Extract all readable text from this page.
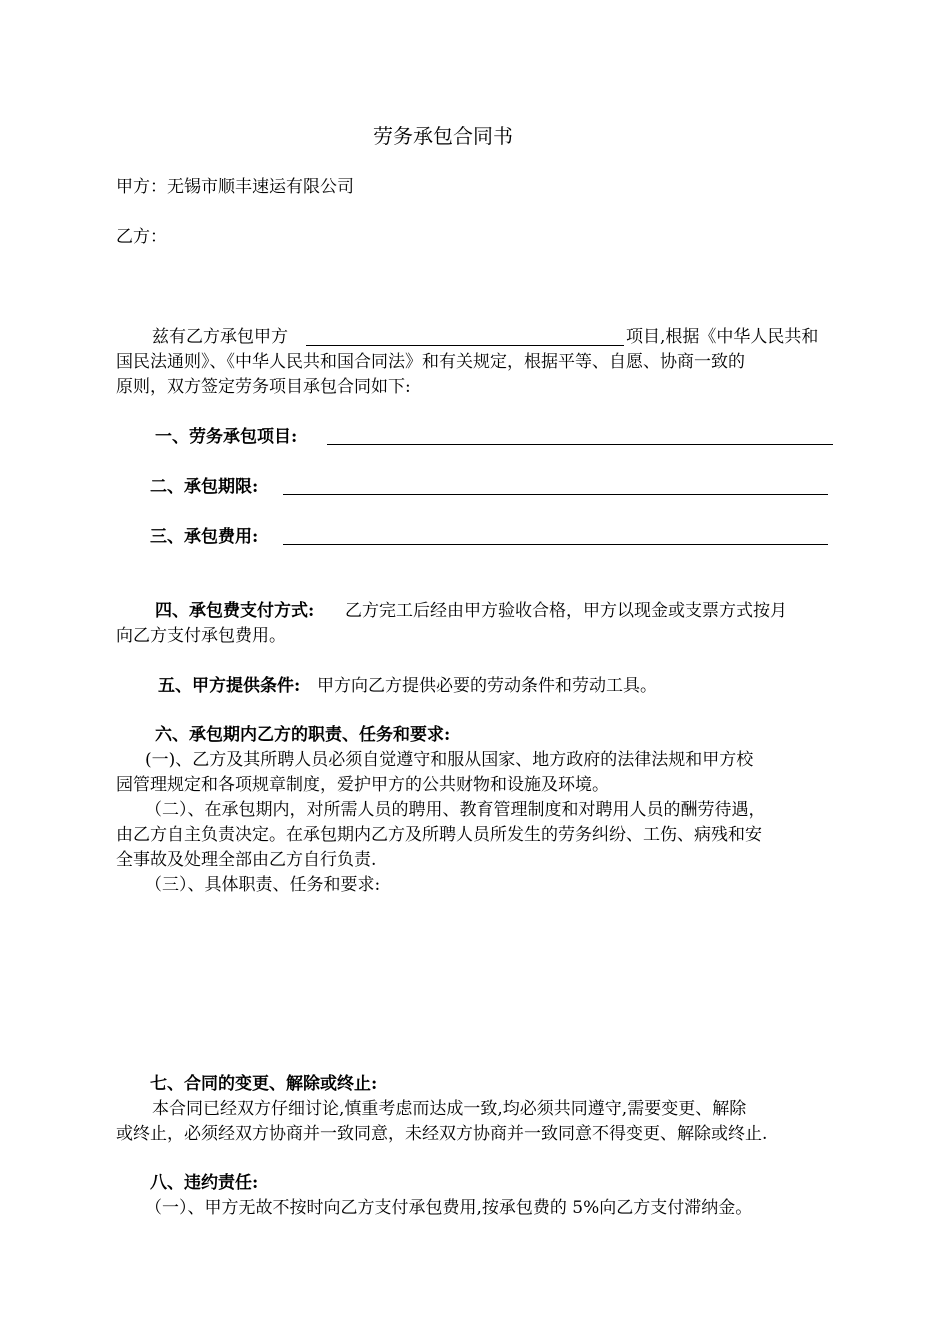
劳务承包合同书
甲方：无锡市顺丰速运有限公司
乙方：
兹有乙方承包甲方	项目,根据《中华人民共和
国民法通则》、《中华人民共和国合同法》和有关规定，根据平等、自愿、协商一致的
原则，双方签定劳务项目承包合同如下:
一、劳务承包项目:
二、承包期限:
三、承包费用:
四、承包费支付方式: 乙方完工后经由甲方验收合格，甲方以现金或支票方式按月
向乙方支付承包费用。
五、甲方提供条件: 甲方向乙方提供必要的劳动条件和劳动工具。
六、承包期内乙方的职责、任务和要求:
(一)、乙方及其所聘人员必须自觉遵守和服从国家、地方政府的法律法规和甲方校
园管理规定和各项规章制度，爱护甲方的公共财物和设施及环境。
（二）、在承包期内，对所需人员的聘用、教育管理制度和对聘用人员的酬劳待遇，
由乙方自主负责决定。在承包期内乙方及所聘人员所发生的劳务纠纷、工伤、病残和安
全事故及处理全部由乙方自行负责.
（三）、具体职责、任务和要求:
七、合同的变更、解除或终止:
本合同已经双方仔细讨论,慎重考虑而达成一致,均必须共同遵守,需要变更、解除
或终止，必须经双方协商并一致同意，未经双方协商并一致同意不得变更、解除或终止.
八、违约责任:
（一）、甲方无故不按时向乙方支付承包费用,按承包费的 5%向乙方支付滞纳金。
